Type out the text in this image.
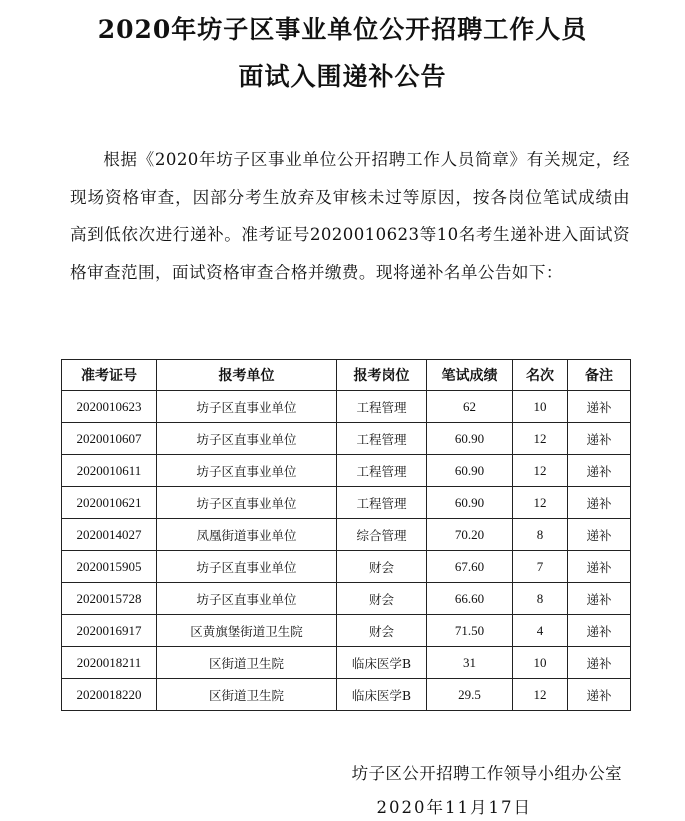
2020年坊子区事业单位公开招聘工作人员
面试入围递补公告
根据《2020年坊子区事业单位公开招聘工作人员简章》有关规定，经现场资格审查，因部分考生放弃及审核未过等原因，按各岗位笔试成绩由高到低依次进行递补。准考证号2020010623等10名考生递补进入面试资格审查范围，面试资格审查合格并缴费。现将递补名单公告如下：
准考证号	报考单位	报考岗位	笔试成绩	名次	备注
2020010623	坊子区直事业单位	工程管理	62	10	递补
2020010607	坊子区直事业单位	工程管理	60.90	12	递补
2020010611	坊子区直事业单位	工程管理	60.90	12	递补
2020010621	坊子区直事业单位	工程管理	60.90	12	递补
2020014027	凤凰街道事业单位	综合管理	70.20	8	递补
2020015905	坊子区直事业单位	财会	67.60	7	递补
2020015728	坊子区直事业单位	财会	66.60	8	递补
2020016917	区黄旗堡街道卫生院	财会	71.50	4	递补
2020018211	区街道卫生院	临床医学B	31	10	递补
2020018220	区街道卫生院	临床医学B	29.5	12	递补
坊子区公开招聘工作领导小组办公室
2020年11月17日
